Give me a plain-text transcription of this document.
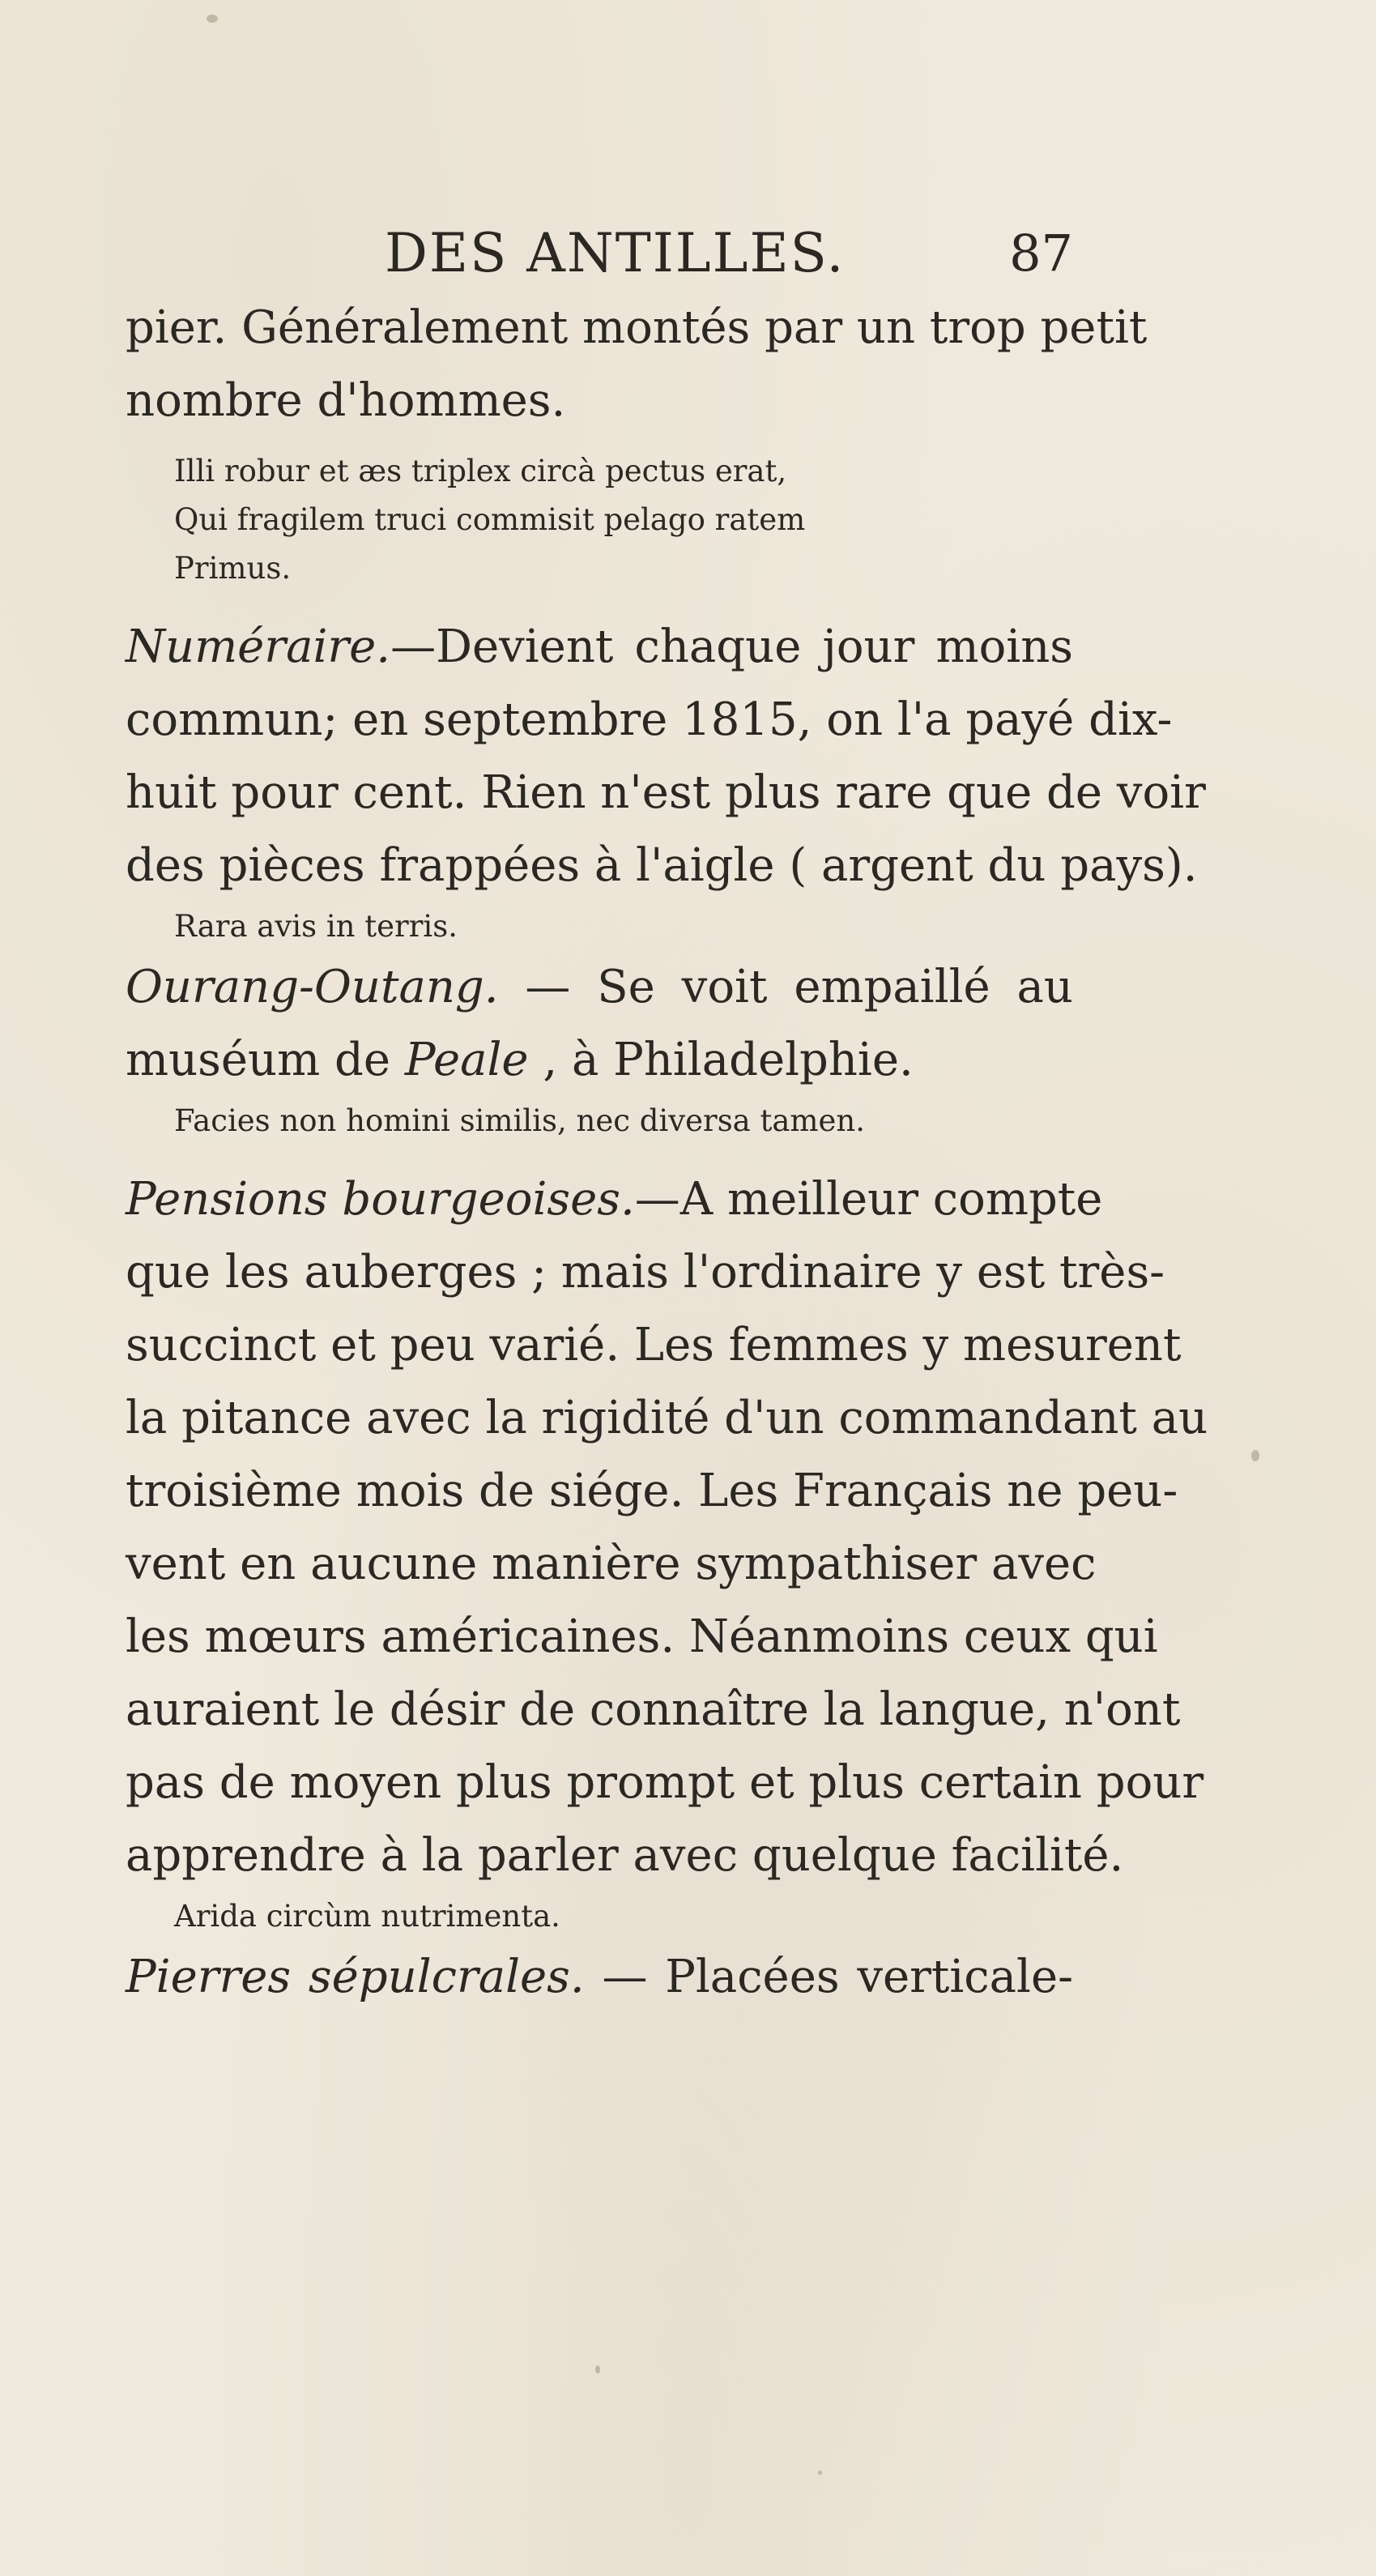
DES ANTILLES.	87
pier. Généralement montés par un trop petit
nombre d'hommes.
Illi robur et æs triplex circà pectus erat,
Qui fragilem truci commisit pelago ratem
Primus.
Numéraire.—Devient chaque jour moins
commun; en septembre 1815, on l'a payé dix-
huit pour cent. Rien n'est plus rare que de voir
des pièces frappées à l'aigle ( argent du pays).
Rara avis in terris.
Ourang-Outang. — Se voit empaillé au
muséum de Peale , à Philadelphie.
Facies non homini similis, nec diversa tamen.
Pensions bourgeoises.—A meilleur compte
que les auberges ; mais l'ordinaire y est très-
succinct et peu varié. Les femmes y mesurent
la pitance avec la rigidité d'un commandant au
troisième mois de siége. Les Français ne peu-
vent en aucune manière sympathiser avec
les mœurs américaines. Néanmoins ceux qui
auraient le désir de connaître la langue, n'ont
pas de moyen plus prompt et plus certain pour
apprendre à la parler avec quelque facilité.
Arida circùm nutrimenta.
Pierres sépulcrales. — Placées verticale-
